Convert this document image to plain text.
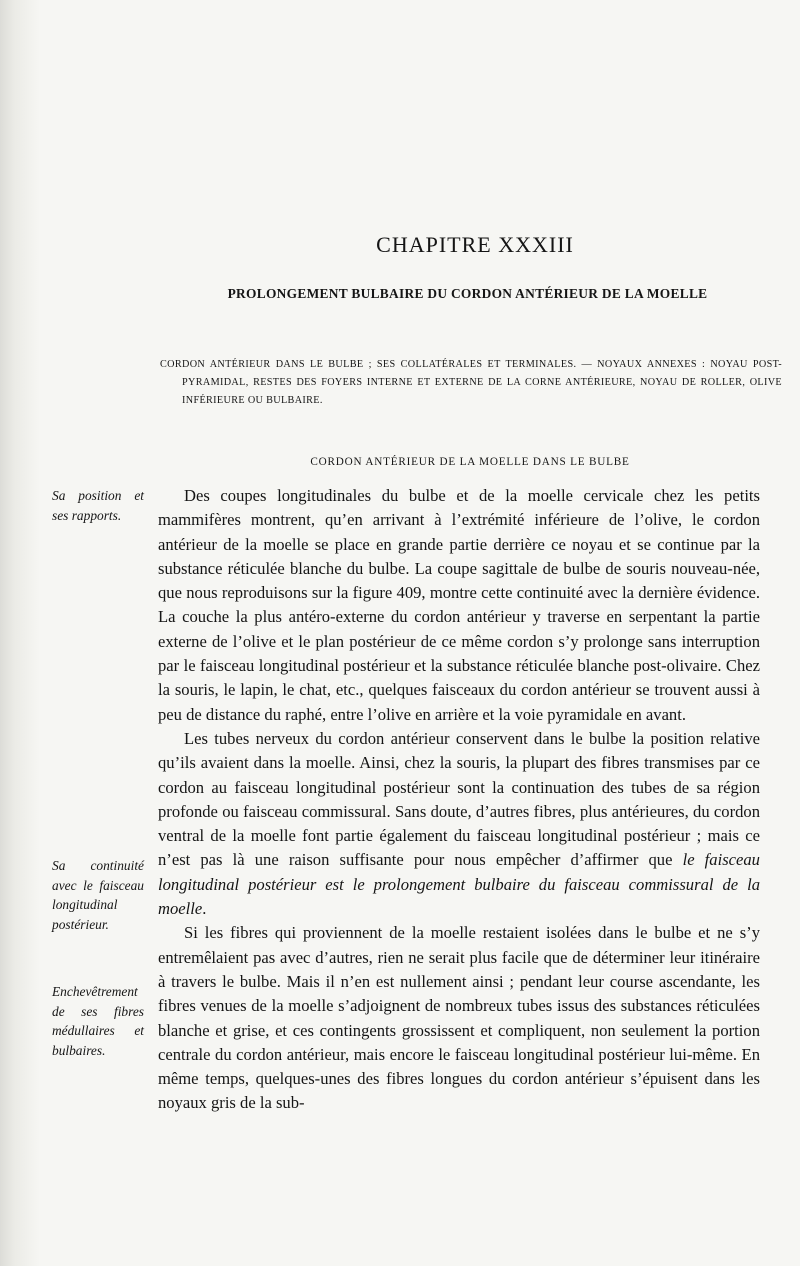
CHAPITRE XXXIII
PROLONGEMENT BULBAIRE DU CORDON ANTÉRIEUR DE LA MOELLE

CORDON ANTÉRIEUR DANS LE BULBE ; SES COLLATÉRALES ET TERMINALES. — NOYAUX ANNEXES : NOYAU POST-PYRAMIDAL, RESTES DES FOYERS INTERNE ET EXTERNE DE LA CORNE ANTÉRIEURE, NOYAU DE ROLLER, OLIVE INFÉRIEURE OU BULBAIRE.

CORDON ANTÉRIEUR DE LA MOELLE DANS LE BULBE
Sa position et ses rapports.
Sa continuité avec le faisceau longitudinal postérieur.
Enchevêtrement de ses fibres médullaires et bulbaires.

Des coupes longitudinales du bulbe et de la moelle cervicale chez les petits mammifères montrent, qu’en arrivant à l’extrémité inférieure de l’olive, le cordon antérieur de la moelle se place en grande partie derrière ce noyau et se continue par la substance réticulée blanche du bulbe. La coupe sagittale de bulbe de souris nouveau-née, que nous reproduisons sur la figure 409, montre cette continuité avec la dernière évidence. La couche la plus antéro-externe du cordon antérieur y traverse en serpentant la partie externe de l’olive et le plan postérieur de ce même cordon s’y prolonge sans interruption par le faisceau longitudinal postérieur et la substance réticulée blanche post-olivaire. Chez la souris, le lapin, le chat, etc., quelques faisceaux du cordon antérieur se trouvent aussi à peu de distance du raphé, entre l’olive en arrière et la voie pyramidale en avant.

Les tubes nerveux du cordon antérieur conservent dans le bulbe la position relative qu’ils avaient dans la moelle. Ainsi, chez la souris, la plupart des fibres transmises par ce cordon au faisceau longitudinal postérieur sont la continuation des tubes de sa région profonde ou faisceau commissural. Sans doute, d’autres fibres, plus antérieures, du cordon ventral de la moelle font partie également du faisceau longitudinal postérieur ; mais ce n’est pas là une raison suffisante pour nous empêcher d’affirmer que le faisceau longitudinal postérieur est le prolongement bulbaire du faisceau commissural de la moelle.

Si les fibres qui proviennent de la moelle restaient isolées dans le bulbe et ne s’y entremêlaient pas avec d’autres, rien ne serait plus facile que de déterminer leur itinéraire à travers le bulbe. Mais il n’en est nullement ainsi ; pendant leur course ascendante, les fibres venues de la moelle s’adjoignent de nombreux tubes issus des substances réticulées blanche et grise, et ces contingents grossissent et compliquent, non seulement la portion centrale du cordon antérieur, mais encore le faisceau longitudinal postérieur lui-même. En même temps, quelques-unes des fibres longues du cordon antérieur s’épuisent dans les noyaux gris de la sub-
